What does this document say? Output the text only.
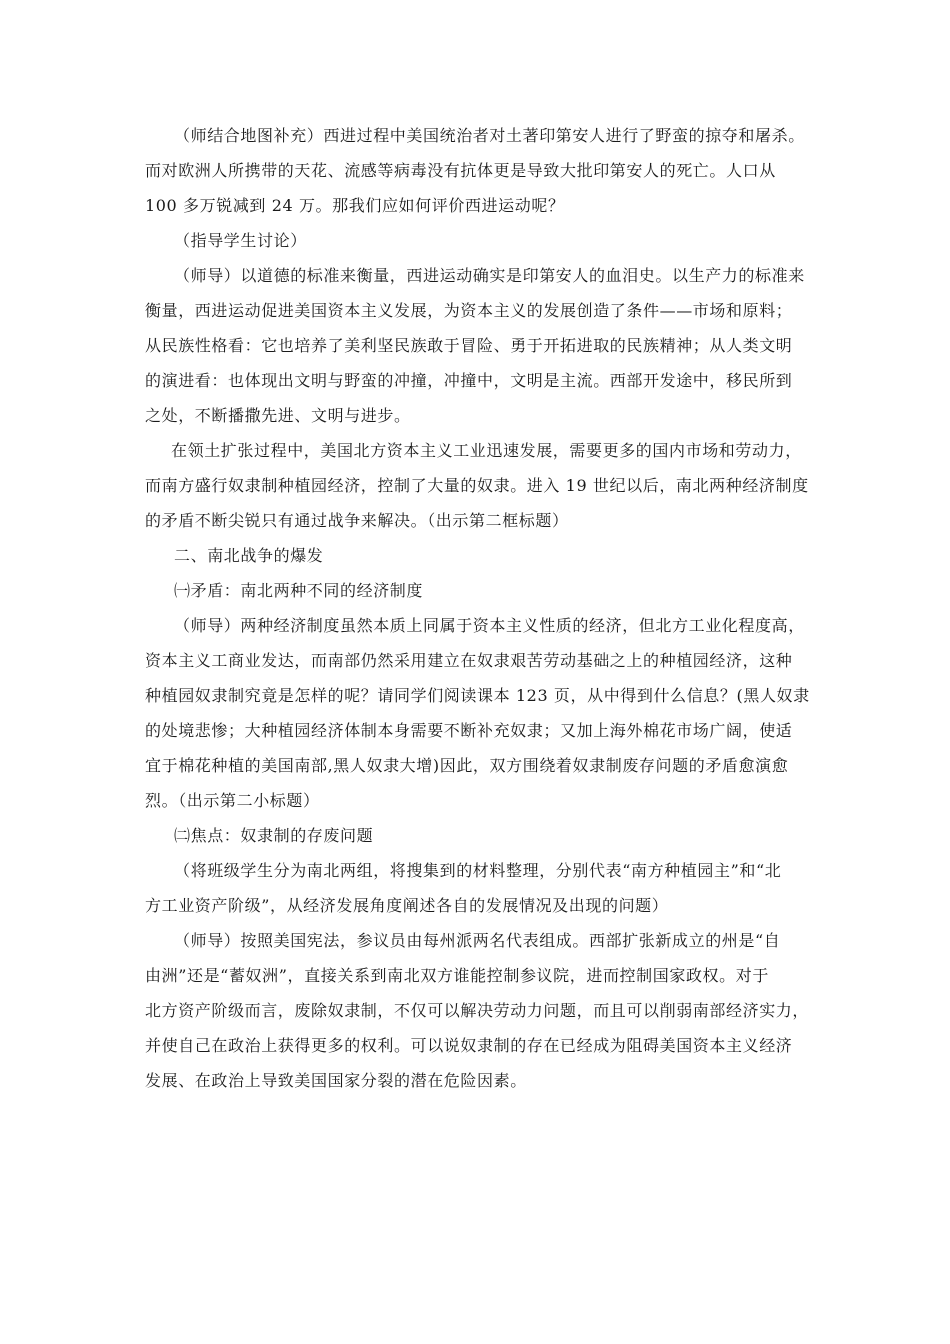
（师结合地图补充）西进过程中美国统治者对土著印第安人进行了野蛮的掠夺和屠杀。
而对欧洲人所携带的天花、流感等病毒没有抗体更是导致大批印第安人的死亡。人口从
100 多万锐减到 24 万。那我们应如何评价西进运动呢？
（指导学生讨论）
（师导）以道德的标准来衡量，西进运动确实是印第安人的血泪史。以生产力的标准来
衡量，西进运动促进美国资本主义发展，为资本主义的发展创造了条件——市场和原料；
从民族性格看：它也培养了美利坚民族敢于冒险、勇于开拓进取的民族精神；从人类文明
的演进看：也体现出文明与野蛮的冲撞，冲撞中，文明是主流。西部开发途中，移民所到
之处，不断播撒先进、文明与进步。
在领土扩张过程中，美国北方资本主义工业迅速发展，需要更多的国内市场和劳动力，
而南方盛行奴隶制种植园经济，控制了大量的奴隶。进入 19 世纪以后，南北两种经济制度
的矛盾不断尖锐只有通过战争来解决。（出示第二框标题）
二、南北战争的爆发
㈠矛盾：南北两种不同的经济制度
（师导）两种经济制度虽然本质上同属于资本主义性质的经济，但北方工业化程度高，
资本主义工商业发达，而南部仍然采用建立在奴隶艰苦劳动基础之上的种植园经济，这种
种植园奴隶制究竟是怎样的呢？请同学们阅读课本 123 页，从中得到什么信息？(黑人奴隶
的处境悲惨；大种植园经济体制本身需要不断补充奴隶；又加上海外棉花市场广阔，使适
宜于棉花种植的美国南部,黑人奴隶大增)因此，双方围绕着奴隶制废存问题的矛盾愈演愈
烈。（出示第二小标题）
㈡焦点：奴隶制的存废问题
（将班级学生分为南北两组，将搜集到的材料整理，分别代表“南方种植园主”和“北
方工业资产阶级”，从经济发展角度阐述各自的发展情况及出现的问题）
（师导）按照美国宪法，参议员由每州派两名代表组成。西部扩张新成立的州是“自
由洲”还是“蓄奴洲”，直接关系到南北双方谁能控制参议院，进而控制国家政权。对于
北方资产阶级而言，废除奴隶制，不仅可以解决劳动力问题，而且可以削弱南部经济实力，
并使自己在政治上获得更多的权利。可以说奴隶制的存在已经成为阻碍美国资本主义经济
发展、在政治上导致美国国家分裂的潜在危险因素。
